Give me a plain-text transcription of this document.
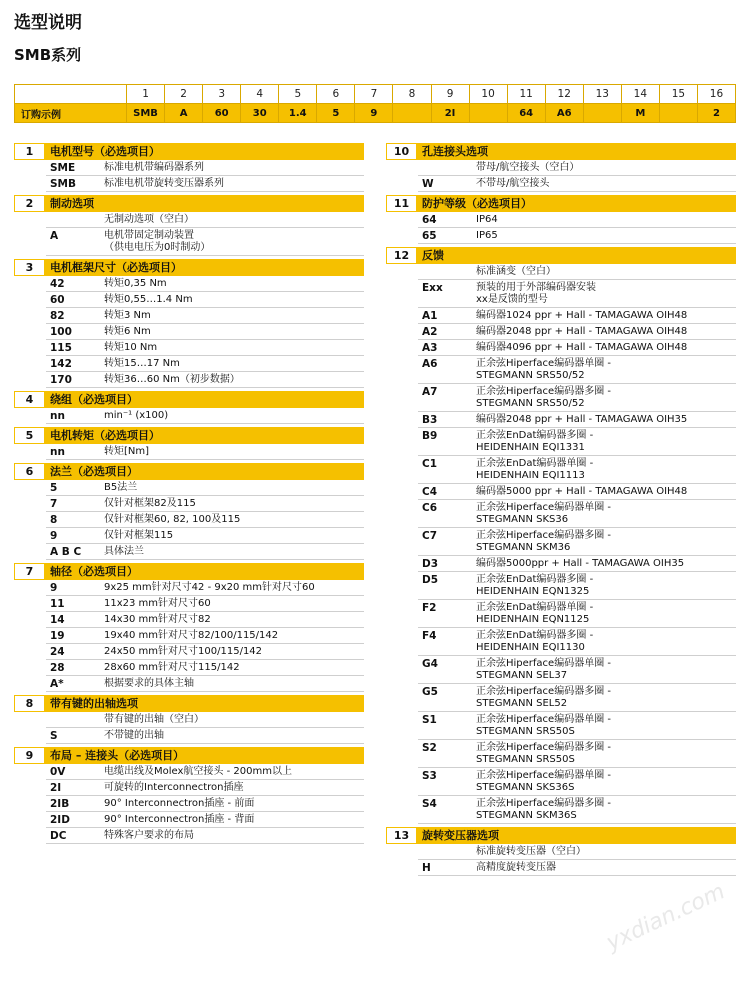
选型说明
SMB系列
	1	2	3	4	5	6	7	8	9	10	11	12	13	14	15	16
订购示例	SMB	A	60	30	1.4	5	9		2I		64	A6		M		2
1	电机型号（必选项目）
SME	标准电机带编码器系列
SMB	标准电机带旋转变压器系列
2	制动选项
无制动选项（空白）
A	电机带固定制动装置
（供电电压为0时制动）
3	电机框架尺寸（必选项目）
42	转矩0,35 Nm
60	转矩0,55…1.4 Nm
82	转矩3 Nm
100	转矩6 Nm
115	转矩10 Nm
142	转矩15…17 Nm
170	转矩36…60 Nm（初步数据）
4	绕组（必选项目）
nn	min⁻¹ (x100)
5	电机转矩（必选项目）
nn	转矩[Nm]
6	法兰（必选项目）
5	B5法兰
7	仅针对框架82及115
8	仅针对框架60, 82, 100及115
9	仅针对框架115
A B C	具体法兰
7	轴径（必选项目）
9	9x25 mm针对尺寸42 - 9x20 mm针对尺寸60
11	11x23 mm针对尺寸60
14	14x30 mm针对尺寸82
19	19x40 mm针对尺寸82/100/115/142
24	24x50 mm针对尺寸100/115/142
28	28x60 mm针对尺寸115/142
A*	根据要求的具体主轴
8	带有键的出轴选项
带有键的出轴（空白）
S	不带键的出轴
9	布局 – 连接头（必选项目）
0V	电缆出线及Molex航空接头 - 200mm以上
2I	可旋转的Interconnectron插座
2IB	90° Interconnectron插座 - 前面
2ID	90° Interconnectron插座 - 背面
DC	特殊客户要求的布局
10	孔连接头选项
带母/航空接头（空白）
W	不带母/航空接头
11	防护等级（必选项目）
64	IP64
65	IP65
12	反馈
标准涵变（空白）
Exx	预装的用于外部编码器安装
xx是反馈的型号
A1	编码器1024 ppr + Hall - TAMAGAWA OIH48
A2	编码器2048 ppr + Hall - TAMAGAWA OIH48
A3	编码器4096 ppr + Hall - TAMAGAWA OIH48
A6	正余弦Hiperface编码器单圈 -
STEGMANN SRS50/52
A7	正余弦Hiperface编码器多圈 -
STEGMANN SRS50/52
B3	编码器2048 ppr + Hall - TAMAGAWA OIH35
B9	正余弦EnDat编码器多圈 -
HEIDENHAIN EQI1331
C1	正余弦EnDat编码器单圈 -
HEIDENHAIN EQI1113
C4	编码器5000 ppr + Hall - TAMAGAWA OIH48
C6	正余弦Hiperface编码器单圈 -
STEGMANN SKS36
C7	正余弦Hiperface编码器多圈 -
STEGMANN SKM36
D3	编码器5000ppr + Hall - TAMAGAWA OIH35
D5	正余弦EnDat编码器多圈 -
HEIDENHAIN EQN1325
F2	正余弦EnDat编码器单圈 -
HEIDENHAIN EQN1125
F4	正余弦EnDat编码器多圈 -
HEIDENHAIN EQI1130
G4	正余弦Hiperface编码器单圈 -
STEGMANN SEL37
G5	正余弦Hiperface编码器多圈 -
STEGMANN SEL52
S1	正余弦Hiperface编码器单圈 -
STEGMANN SRS50S
S2	正余弦Hiperface编码器多圈 -
STEGMANN SRS50S
S3	正余弦Hiperface编码器单圈 -
STEGMANN SKS36S
S4	正余弦Hiperface编码器多圈 -
STEGMANN SKM36S
13	旋转变压器选项
标准旋转变压器（空白）
H	高精度旋转变压器
yxdian.com
